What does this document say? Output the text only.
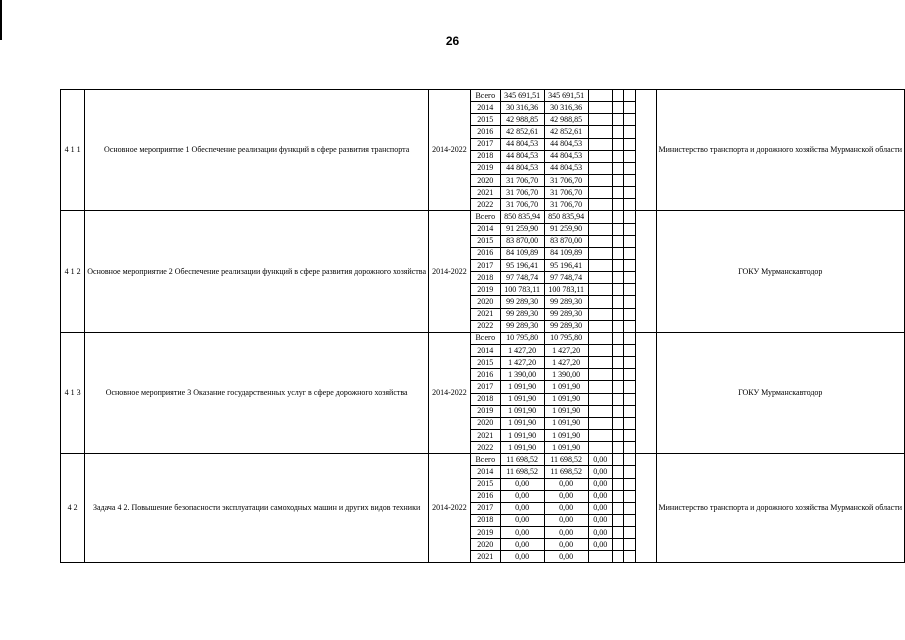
26
4 1 1	Основное мероприятие 1 Обеспечение реализации функций в сфере развития транспорта	2014-2022	Всего	345 691,51	345 691,51					Министерство транспорта и дорожного хозяйства Мурманской области
			2014	30 316,36	30 316,36					
			2015	42 988,85	42 988,85					
			2016	42 852,61	42 852,61					
			2017	44 804,53	44 804,53					
			2018	44 804,53	44 804,53					
			2019	44 804,53	44 804,53					
			2020	31 706,70	31 706,70					
			2021	31 706,70	31 706,70					
			2022	31 706,70	31 706,70					
4 1 2	Основное мероприятие 2 Обеспечение реализации функций в сфере развития дорожного хозяйства	2014-2022	Всего	850 835,94	850 835,94					ГОКУ Мурманскавтодор
			2014	91 259,90	91 259,90					
			2015	83 870,00	83 870,00					
			2016	84 109,89	84 109,89					
			2017	95 196,41	95 196,41					
			2018	97 748,74	97 748,74					
			2019	100 783,11	100 783,11					
			2020	99 289,30	99 289,30					
			2021	99 289,30	99 289,30					
			2022	99 289,30	99 289,30					
4 1 3	Основное мероприятие 3 Оказание государственных услуг в сфере дорожного хозяйства	2014-2022	Всего	10 795,80	10 795,80					ГОКУ Мурманскавтодор
			2014	1 427,20	1 427,20					
			2015	1 427,20	1 427,20					
			2016	1 390,00	1 390,00					
			2017	1 091,90	1 091,90					
			2018	1 091,90	1 091,90					
			2019	1 091,90	1 091,90					
			2020	1 091,90	1 091,90					
			2021	1 091,90	1 091,90					
			2022	1 091,90	1 091,90					
4 2	Задача 4 2. Повышение безопасности эксплуатации самоходных машин и других видов техники	2014-2022	Всего	11 698,52	11 698,52	0,00				Министерство транспорта и дорожного хозяйства Мурманской области
			2014	11 698,52	11 698,52	0,00				
			2015	0,00	0,00	0,00				
			2016	0,00	0,00	0,00				
			2017	0,00	0,00	0,00				
			2018	0,00	0,00	0,00				
			2019	0,00	0,00	0,00				
			2020	0,00	0,00	0,00				
			2021	0,00	0,00					
